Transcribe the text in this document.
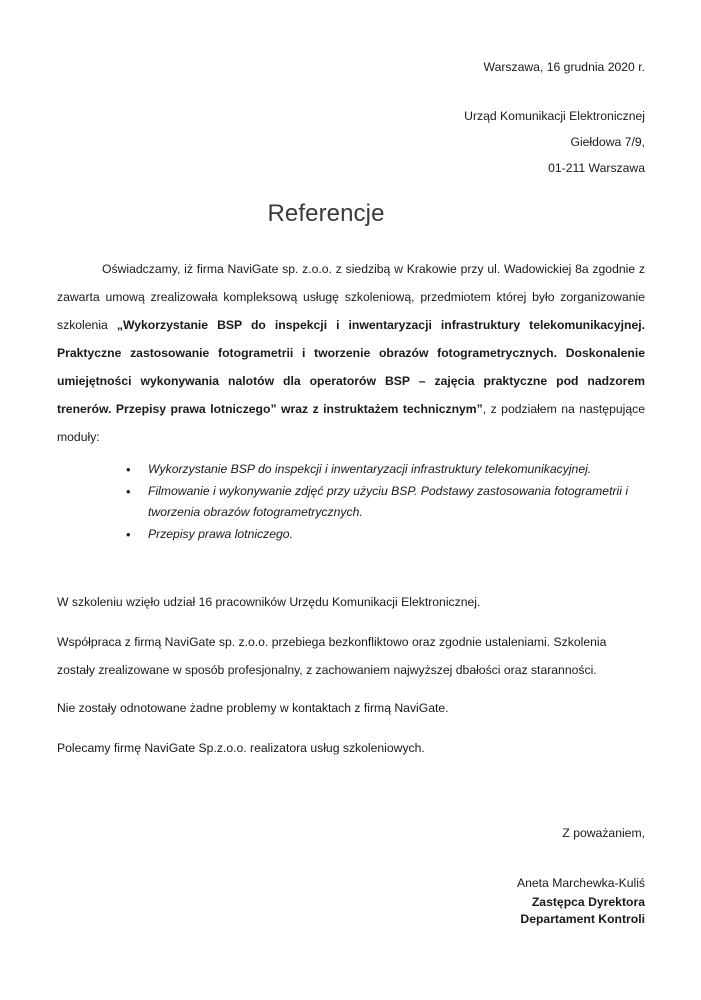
Warszawa, 16 grudnia 2020 r.
Urząd Komunikacji Elektronicznej
Giełdowa 7/9,
01-211 Warszawa
Referencje

Oświadczamy, iż firma NaviGate sp. z.o.o. z siedzibą w Krakowie przy ul. Wadowickiej 8a zgodnie z zawarta umową zrealizowała kompleksową usługę szkoleniową, przedmiotem której było zorganizowanie szkolenia „Wykorzystanie BSP do inspekcji i inwentaryzacji infrastruktury telekomunikacyjnej. Praktyczne zastosowanie fotogrametrii i tworzenie obrazów fotogrametrycznych. Doskonalenie umiejętności wykonywania nalotów dla operatorów BSP – zajęcia praktyczne pod nadzorem trenerów. Przepisy prawa lotniczego” wraz z instruktażem technicznym”, z podziałem na następujące moduły:

• Wykorzystanie BSP do inspekcji i inwentaryzacji infrastruktury telekomunikacyjnej.
• Filmowanie i wykonywanie zdjęć przy użyciu BSP. Podstawy zastosowania fotogrametrii i tworzenia obrazów fotogrametrycznych.
• Przepisy prawa lotniczego.

W szkoleniu wzięło udział 16 pracowników Urzędu Komunikacji Elektronicznej.

Współpraca z firmą NaviGate sp. z.o.o. przebiega bezkonfliktowo oraz zgodnie ustaleniami. Szkolenia zostały zrealizowane w sposób profesjonalny, z zachowaniem najwyższej dbałości oraz staranności.

Nie zostały odnotowane żadne problemy w kontaktach z firmą NaviGate.

Polecamy firmę NaviGate Sp.z.o.o. realizatora usług szkoleniowych.

Z poważaniem,
Aneta Marchewka-Kuliś
Zastępca Dyrektora
Departament Kontroli
